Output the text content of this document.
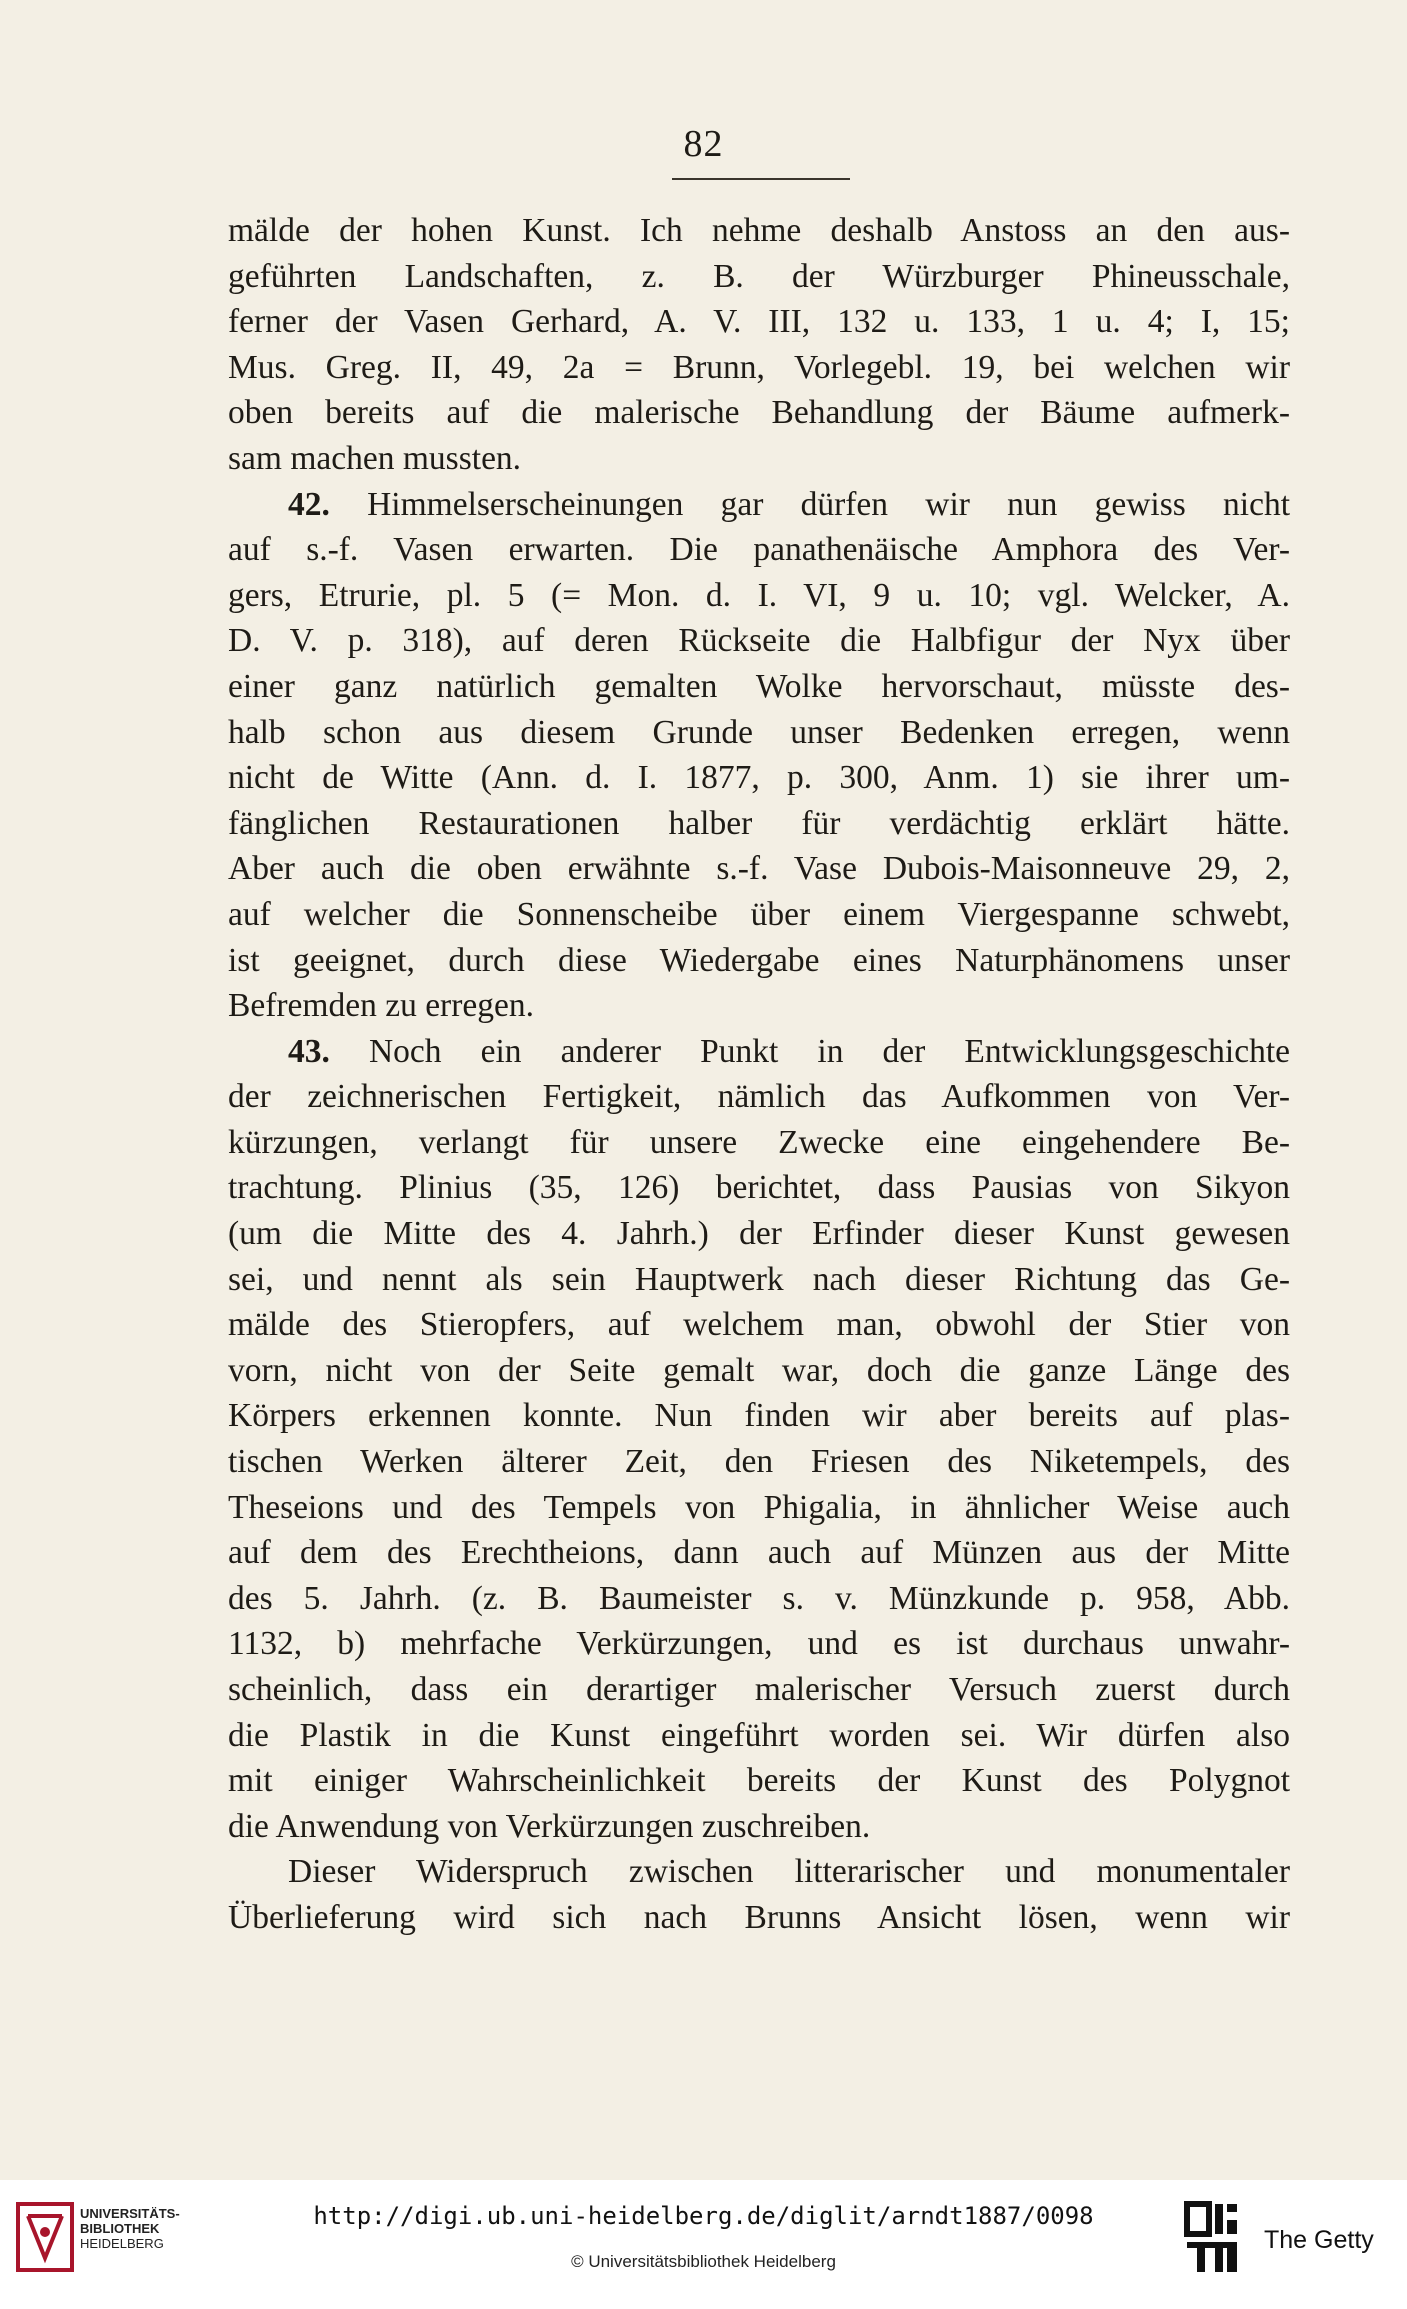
82
mälde der hohen Kunst. Ich nehme deshalb Anstoss an den aus-
geführten Landschaften, z. B. der Würzburger Phineusschale,
ferner der Vasen Gerhard, A. V. III, 132 u. 133, 1 u. 4; I, 15;
Mus. Greg. II, 49, 2a = Brunn, Vorlegebl. 19, bei welchen wir
oben bereits auf die malerische Behandlung der Bäume aufmerk-
sam machen mussten.
42. Himmelserscheinungen gar dürfen wir nun gewiss nicht
auf s.-f. Vasen erwarten. Die panathenäische Amphora des Ver-
gers, Etrurie, pl. 5 (= Mon. d. I. VI, 9 u. 10; vgl. Welcker, A.
D. V. p. 318), auf deren Rückseite die Halbfigur der Nyx über
einer ganz natürlich gemalten Wolke hervorschaut, müsste des-
halb schon aus diesem Grunde unser Bedenken erregen, wenn
nicht de Witte (Ann. d. I. 1877, p. 300, Anm. 1) sie ihrer um-
fänglichen Restaurationen halber für verdächtig erklärt hätte.
Aber auch die oben erwähnte s.-f. Vase Dubois-Maisonneuve 29, 2,
auf welcher die Sonnenscheibe über einem Viergespanne schwebt,
ist geeignet, durch diese Wiedergabe eines Naturphänomens unser
Befremden zu erregen.
43. Noch ein anderer Punkt in der Entwicklungsgeschichte
der zeichnerischen Fertigkeit, nämlich das Aufkommen von Ver-
kürzungen, verlangt für unsere Zwecke eine eingehendere Be-
trachtung. Plinius (35, 126) berichtet, dass Pausias von Sikyon
(um die Mitte des 4. Jahrh.) der Erfinder dieser Kunst gewesen
sei, und nennt als sein Hauptwerk nach dieser Richtung das Ge-
mälde des Stieropfers, auf welchem man, obwohl der Stier von
vorn, nicht von der Seite gemalt war, doch die ganze Länge des
Körpers erkennen konnte. Nun finden wir aber bereits auf plas-
tischen Werken älterer Zeit, den Friesen des Niketempels, des
Theseions und des Tempels von Phigalia, in ähnlicher Weise auch
auf dem des Erechtheions, dann auch auf Münzen aus der Mitte
des 5. Jahrh. (z. B. Baumeister s. v. Münzkunde p. 958, Abb.
1132, b) mehrfache Verkürzungen, und es ist durchaus unwahr-
scheinlich, dass ein derartiger malerischer Versuch zuerst durch
die Plastik in die Kunst eingeführt worden sei. Wir dürfen also
mit einiger Wahrscheinlichkeit bereits der Kunst des Polygnot
die Anwendung von Verkürzungen zuschreiben.
Dieser Widerspruch zwischen litterarischer und monumentaler
Überlieferung wird sich nach Brunns Ansicht lösen, wenn wir
UNIVERSITÄTS-
BIBLIOTHEK
HEIDELBERG
http://digi.ub.uni-heidelberg.de/diglit/arndt1887/0098
© Universitätsbibliothek Heidelberg
The Getty
